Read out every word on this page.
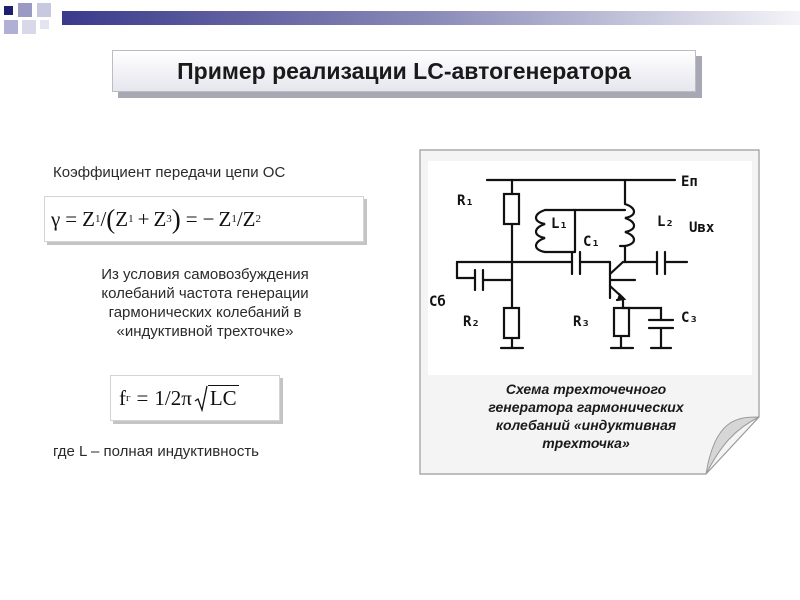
Пример реализации LC-автогенератора
Коэффициент передачи цепи ОС
γ = Z 1 / ( Z 1 + Z 3 ) = − Z 1 / Z 2
Из условия самовозбуждения
колебаний частота генерации
гармонических колебаний в
«индуктивной трехточке»
f г = 1 / 2π LC
где L – полная индуктивность
R₁
R₂	R₃
L₁	L₂
C₁
C₃
Cб
Eп
Uвх
Схема трехточечного
генератора гармонических
колебаний «индуктивная
трехточка»
